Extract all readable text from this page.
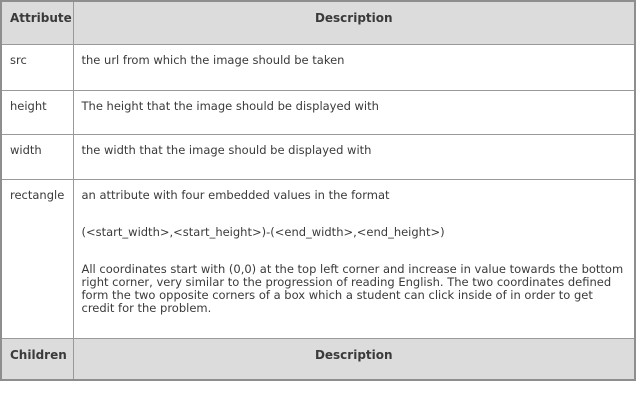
Attribute	Description
src	the url from which the image should be taken
height	The height that the image should be displayed with
width	the width that the image should be displayed with
rectangle	an attribute with four embedded values in the format
(<start_width>,<start_height>)-(<end_width>,<end_height>)
All coordinates start with (0,0) at the top left corner and increase in value towards the bottom right corner, very similar to the progression of reading English. The two coordinates defined form the two opposite corners of a box which a student can click inside of in order to get credit for the problem.

Children	Description
